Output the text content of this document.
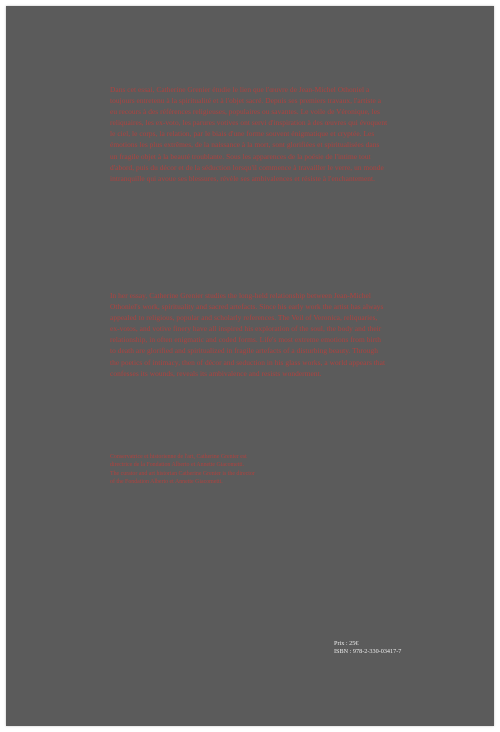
Dans cet essai, Catherine Grenier étudie le lien que l'œuvre de Jean-Michel Othoniel a toujours entretenu à la spiritualité et à l'objet sacré. Depuis ses premiers travaux, l'artiste a eu recours à des références religieuses, populaires ou savantes. Le voile de Véronique, les reliquaires, les ex-voto, les parures votives ont servi d'inspiration à des œuvres qui évoquent le ciel, le corps, la relation, par le biais d'une forme souvent énigmatique et cryptée. Les émotions les plus extrêmes, de la naissance à la mort, sont glorifiées et spiritualisées dans un fragile objet à la beauté troublante. Sous les apparences de la poésie de l'intime tout d'abord, puis du décor et de la séduction lorsqu'il commence à travailler le verre, un monde intranquille qui avoue ses blessures, révèle ses ambivalences et résiste à l'enchantement.

In her essay, Catherine Grenier studies the long-held relationship between Jean-Michel Othoniel's work, spirituality and sacred artefacts. Since his early work the artist has always appealed to religious, popular and scholarly references. The Veil of Veronica, reliquaries, ex-votos, and votive finery have all inspired his exploration of the soul, the body and their relationship, in often enigmatic and coded forms. Life's most extreme emotions from birth to death are glorified and spiritualized in fragile artefacts of a disturbing beauty. Through the poetics of intimacy, then of décor and seduction in his glass works, a world appears that confesses its wounds, reveals its ambivalence and resists wonderment.

Conservatrice et historienne de l'art, Catherine Grenier est
directrice de la Fondation Alberto et Annette Giacometti.
The curator and art historian Catherine Grenier is the director
of the Fondation Alberto et Annette Giacometti.

Prix : 25€
ISBN : 978-2-330-03417-7
